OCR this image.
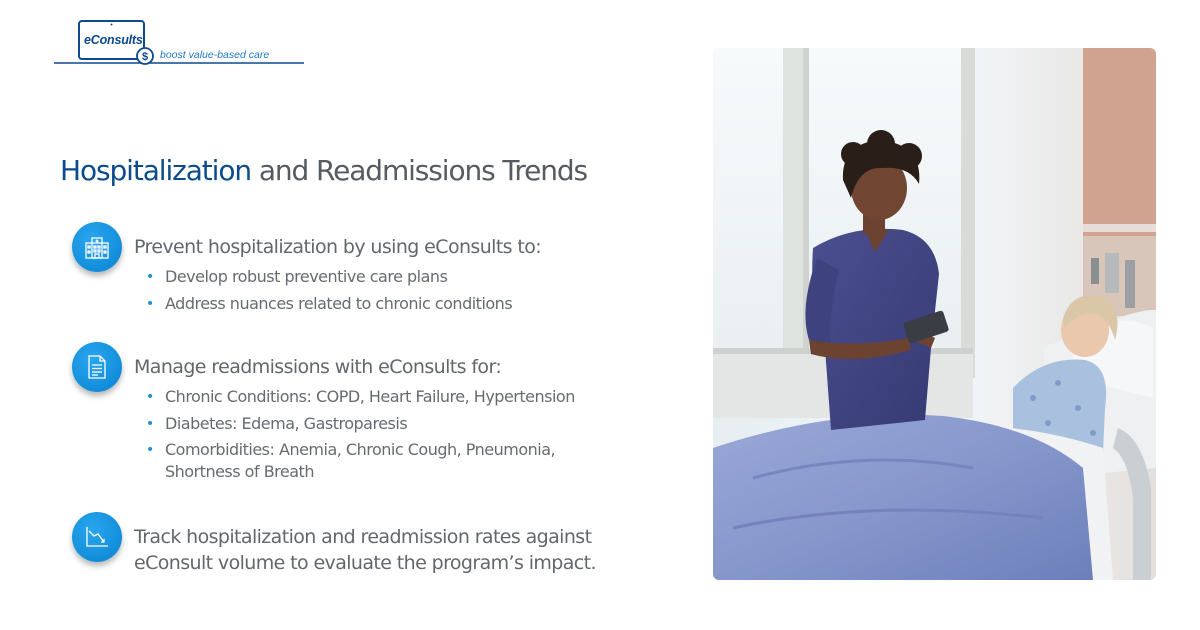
$
eConsults
boost value-based care
Hospitalization and Readmissions Trends

Prevent hospitalization by using eConsults to:

• Develop robust preventive care plans
• Address nuances related to chronic conditions

Manage readmissions with eConsults for:

• Chronic Conditions: COPD, Heart Failure, Hypertension
• Diabetes: Edema, Gastroparesis
• Comorbidities: Anemia, Chronic Cough, Pneumonia,
Shortness of Breath

Track hospitalization and readmission rates against

eConsult volume to evaluate the program’s impact.
